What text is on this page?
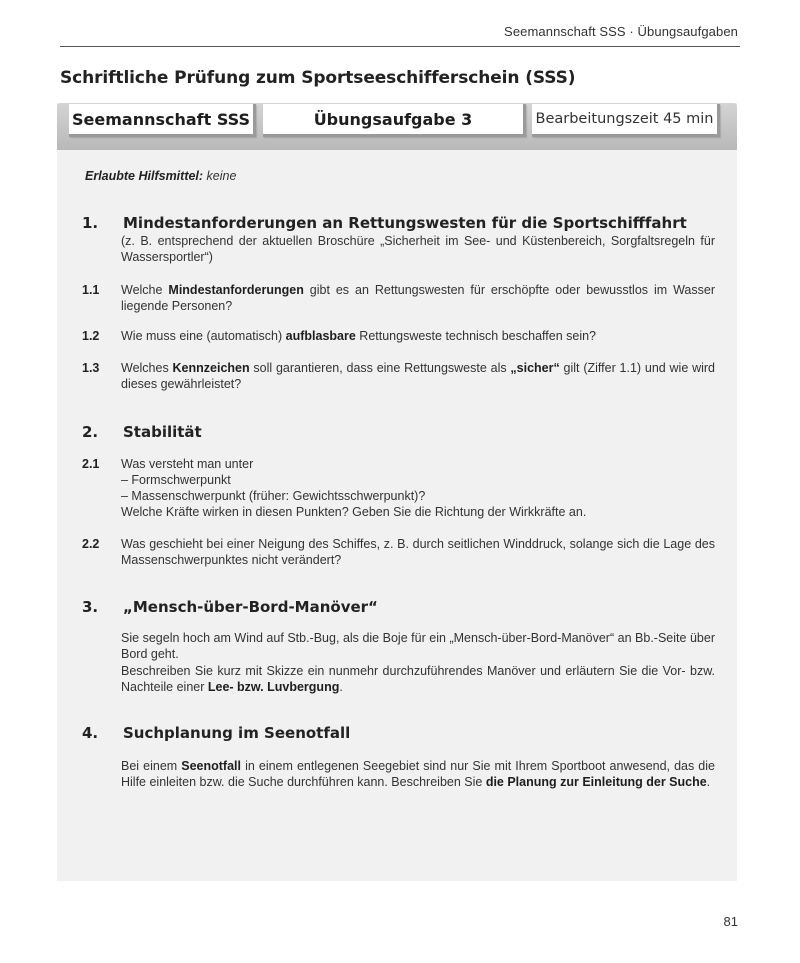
Seemannschaft SSS · Übungsaufgaben
Schriftliche Prüfung zum Sportseeschifferschein (SSS)
Seemannschaft SSS	Übungsaufgabe 3	Bearbeitungszeit 45 min
Erlaubte Hilfsmittel: keine
1. Mindestanforderungen an Rettungswesten für die Sportschifffahrt

(z. B. entsprechend der aktuellen Broschüre „Sicherheit im See- und Küstenbereich, Sorgfaltsregeln für Wassersportler“)

1.1 Welche Mindestanforderungen gibt es an Rettungswesten für erschöpfte oder bewusstlos im Wasser liegende Personen?

1.2 Wie muss eine (automatisch) aufblasbare Rettungsweste technisch beschaffen sein?

1.3 Welches Kennzeichen soll garantieren, dass eine Rettungsweste als „sicher“ gilt (Ziffer 1.1) und wie wird dieses gewährleistet?

2. Stabilität
2.1 Was versteht man unter
– Formschwerpunkt
– Massenschwerpunkt (früher: Gewichtsschwerpunkt)?
Welche Kräfte wirken in diesen Punkten? Geben Sie die Richtung der Wirkkräfte an.

2.2 Was geschieht bei einer Neigung des Schiffes, z. B. durch seitlichen Winddruck, solange sich die Lage des Massenschwerpunktes nicht verändert?

3. „Mensch-über-Bord-Manöver“

Sie segeln hoch am Wind auf Stb.-Bug, als die Boje für ein „Mensch-über-Bord-Manöver“ an Bb.-Seite über Bord geht.

Beschreiben Sie kurz mit Skizze ein nunmehr durchzuführendes Manöver und erläutern Sie die Vor- bzw. Nachteile einer Lee- bzw. Luvbergung.

4. Suchplanung im Seenotfall

Bei einem Seenotfall in einem entlegenen Seegebiet sind nur Sie mit Ihrem Sportboot anwesend, das die Hilfe einleiten bzw. die Suche durchführen kann. Beschreiben Sie die Planung zur Einleitung der Suche.

81
